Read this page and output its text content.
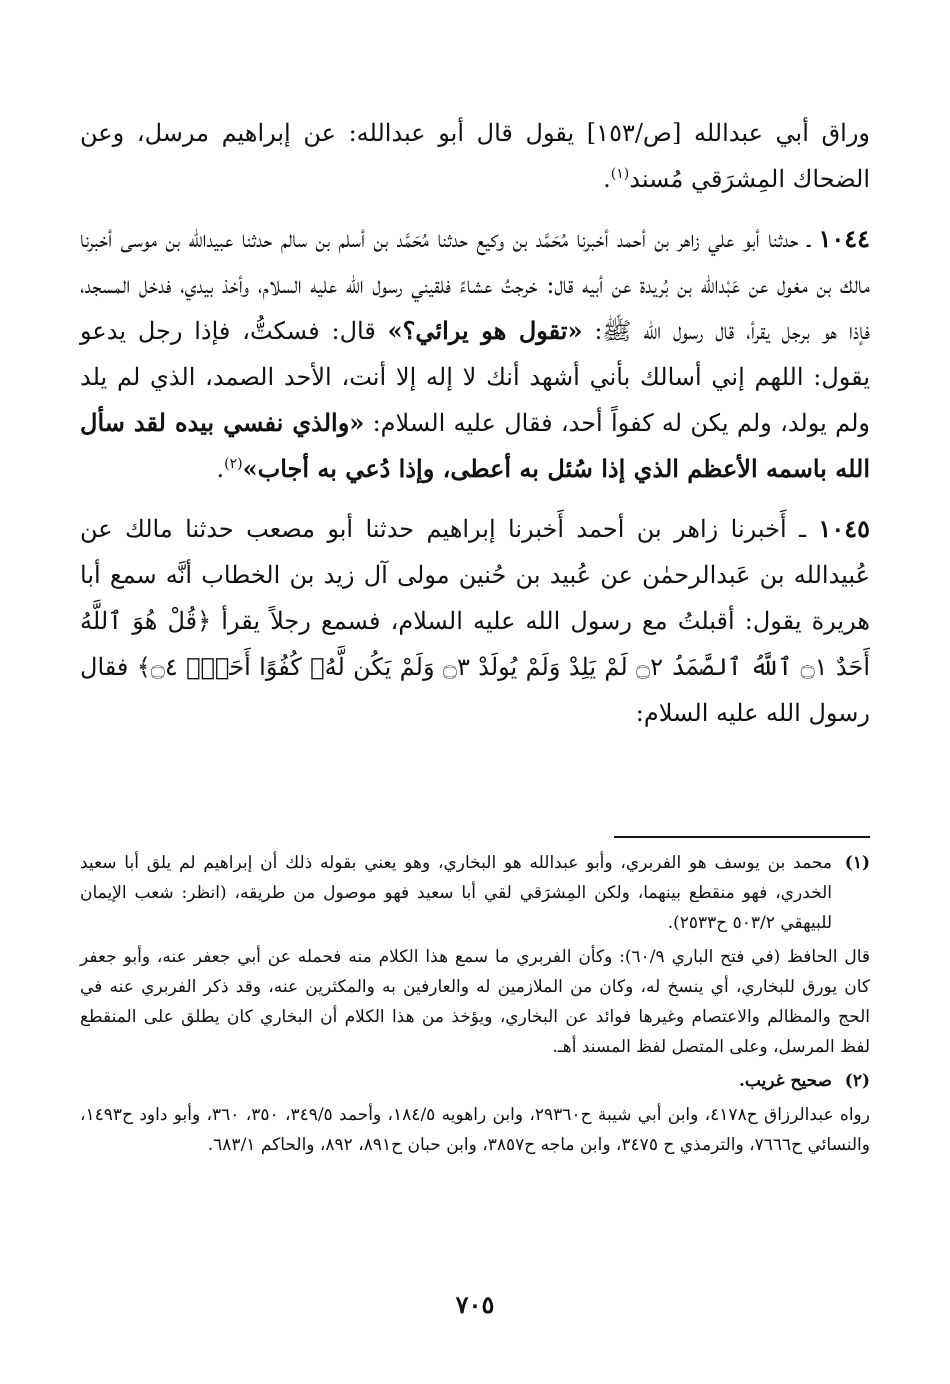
وراق أبي عبدالله [ص/١٥٣] يقول قال أبو عبدالله: عن إبراهيم مرسل، وعن الضحاك المِشرَقي مُسند$^{(١)}$.

١٠٤٤ ـ حدثنا أبو علي زاهر بن أحمد أخبرنا مُحَمَّد بن وكيع حدثنا مُحَمَّد بن أسلم بن سالم حدثنا عبيدالله بن موسى أخبرنا مالك بن مغول عن عَبْدالله بن بُريدة عن أبيه قال: خرجتُ عشاءً فلقيني رسول الله عليه السلام، وأخذ بيدي، فدخل المسجد، فإذا هو برجل يقرأ، قال رسول الله ﷺ: «تقول هو يرائي؟» قال: فسكتُّ، فإذا رجل يدعو يقول: اللهم إني أسالك بأني أشهد أنك لا إله إلا أنت، الأحد الصمد، الذي لم يلد ولم يولد، ولم يكن له كفواً أحد، فقال عليه السلام: «والذي نفسي بيده لقد سأل الله باسمه الأعظم الذي إذا سُئل به أعطى، وإذا دُعي به أجاب»$^{(٢)}$.

١٠٤٥ ـ أَخبرنا زاهر بن أحمد أَخبرنا إبراهيم حدثنا أبو مصعب حدثنا مالك عن عُبيدالله بن عَبدالرحمٰن عن عُبيد بن حُنين مولى آل زيد بن الخطاب أنَّه سمع أبا هريرة يقول: أقبلتُ مع رسول الله عليه السلام، فسمع رجلاً يقرأ ﴿قُلْ هُوَ ٱللَّهُ أَحَدٌ ۝١ ٱللَّهُ ٱلصَّمَدُ ۝٢ لَمْ يَلِدْ وَلَمْ يُولَدْ ۝٣ وَلَمْ يَكُن لَّهُۥ كُفُوًا أَحَدٌۢ ۝٤﴾ فقال رسول الله عليه السلام:

(١)
محمد بن يوسف هو الفربري، وأبو عبدالله هو البخاري، وهو يعني بقوله ذلك أن إبراهيم لم يلق أبا سعيد الخدري، فهو منقطع بينهما، ولكن المِشرَقي لقي أبا سعيد فهو موصول من طريقه، (انظر: شعب الإيمان للبيهقي ٥٠٣/٢ ح٢٥٣٣).
قال الحافظ (في فتح الباري ٦٠/٩): وكأن الفربري ما سمع هذا الكلام منه فحمله عن أبي جعفر عنه، وأبو جعفر كان يورق للبخاري، أي ينسخ له، وكان من الملازمين له والعارفين به والمكثرين عنه، وقد ذكر الفربري عنه في الحج والمظالم والاعتصام وغيرها فوائد عن البخاري، ويؤخذ من هذا الكلام أن البخاري كان يطلق على المنقطع لفظ المرسل، وعلى المتصل لفظ المسند أهـ.
(٢)
صحيح غريب.
رواه عبدالرزاق ح٤١٧٨، وابن أبي شيبة ح٢٩٣٦٠، وابن راهويه ١٨٤/٥، وأحمد ٣٤٩/٥، ٣٥٠، ٣٦٠، وأبو داود ح١٤٩٣، والنسائي ح٧٦٦٦، والترمذي ح ٣٤٧٥، وابن ماجه ح٣٨٥٧، وابن حبان ح٨٩١، ٨٩٢، والحاكم ٦٨٣/١.
٧٠٥
